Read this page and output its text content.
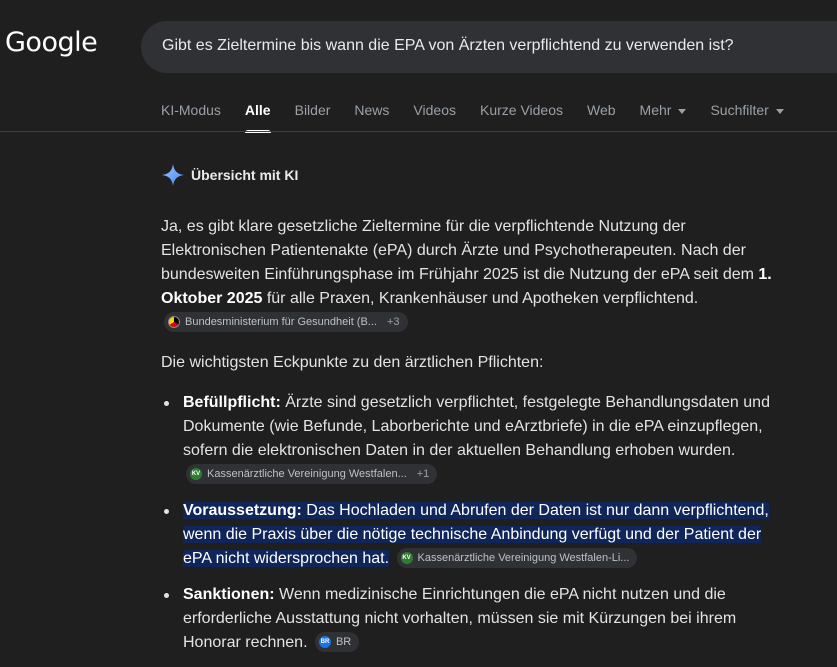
Google	Gibt es Zieltermine bis wann die EPA von Ärzten verpflichtend zu verwenden ist?
KI-Modus Alle Bilder News Videos Kurze Videos Web Mehr	Suchfilter
Übersicht mit KI

Ja, es gibt klare gesetzliche Zieltermine für die verpflichtende Nutzung der Elektronischen Patientenakte (ePA) durch Ärzte und Psychotherapeuten. Nach der bundesweiten Einführungsphase im Frühjahr 2025 ist die Nutzung der ePA seit dem 1. Oktober 2025 für alle Praxen, Krankenhäuser und Apotheken verpflichtend.
Bundesministerium für Gesundheit (B... +3

Die wichtigsten Eckpunkte zu den ärztlichen Pflichten:

Befüllpflicht: Ärzte sind gesetzlich verpflichtet, festgelegte Behandlungsdaten und Dokumente (wie Befunde, Laborberichte und eArztbriefe) in die ePA einzupflegen, sofern die elektronischen Daten in der aktuellen Behandlung erhoben wurden.
KV Kassenärztliche Vereinigung Westfalen... +1
Voraussetzung: Das Hochladen und Abrufen der Daten ist nur dann verpflichtend, wenn die Praxis über die nötige technische Anbindung verfügt und der Patient der ePA nicht widersprochen hat.	KV Kassenärztliche Vereinigung Westfalen-Li...
Sanktionen: Wenn medizinische Einrichtungen die ePA nicht nutzen und die erforderliche Ausstattung nicht vorhalten, müssen sie mit Kürzungen bei ihrem Honorar rechnen. BR BR
